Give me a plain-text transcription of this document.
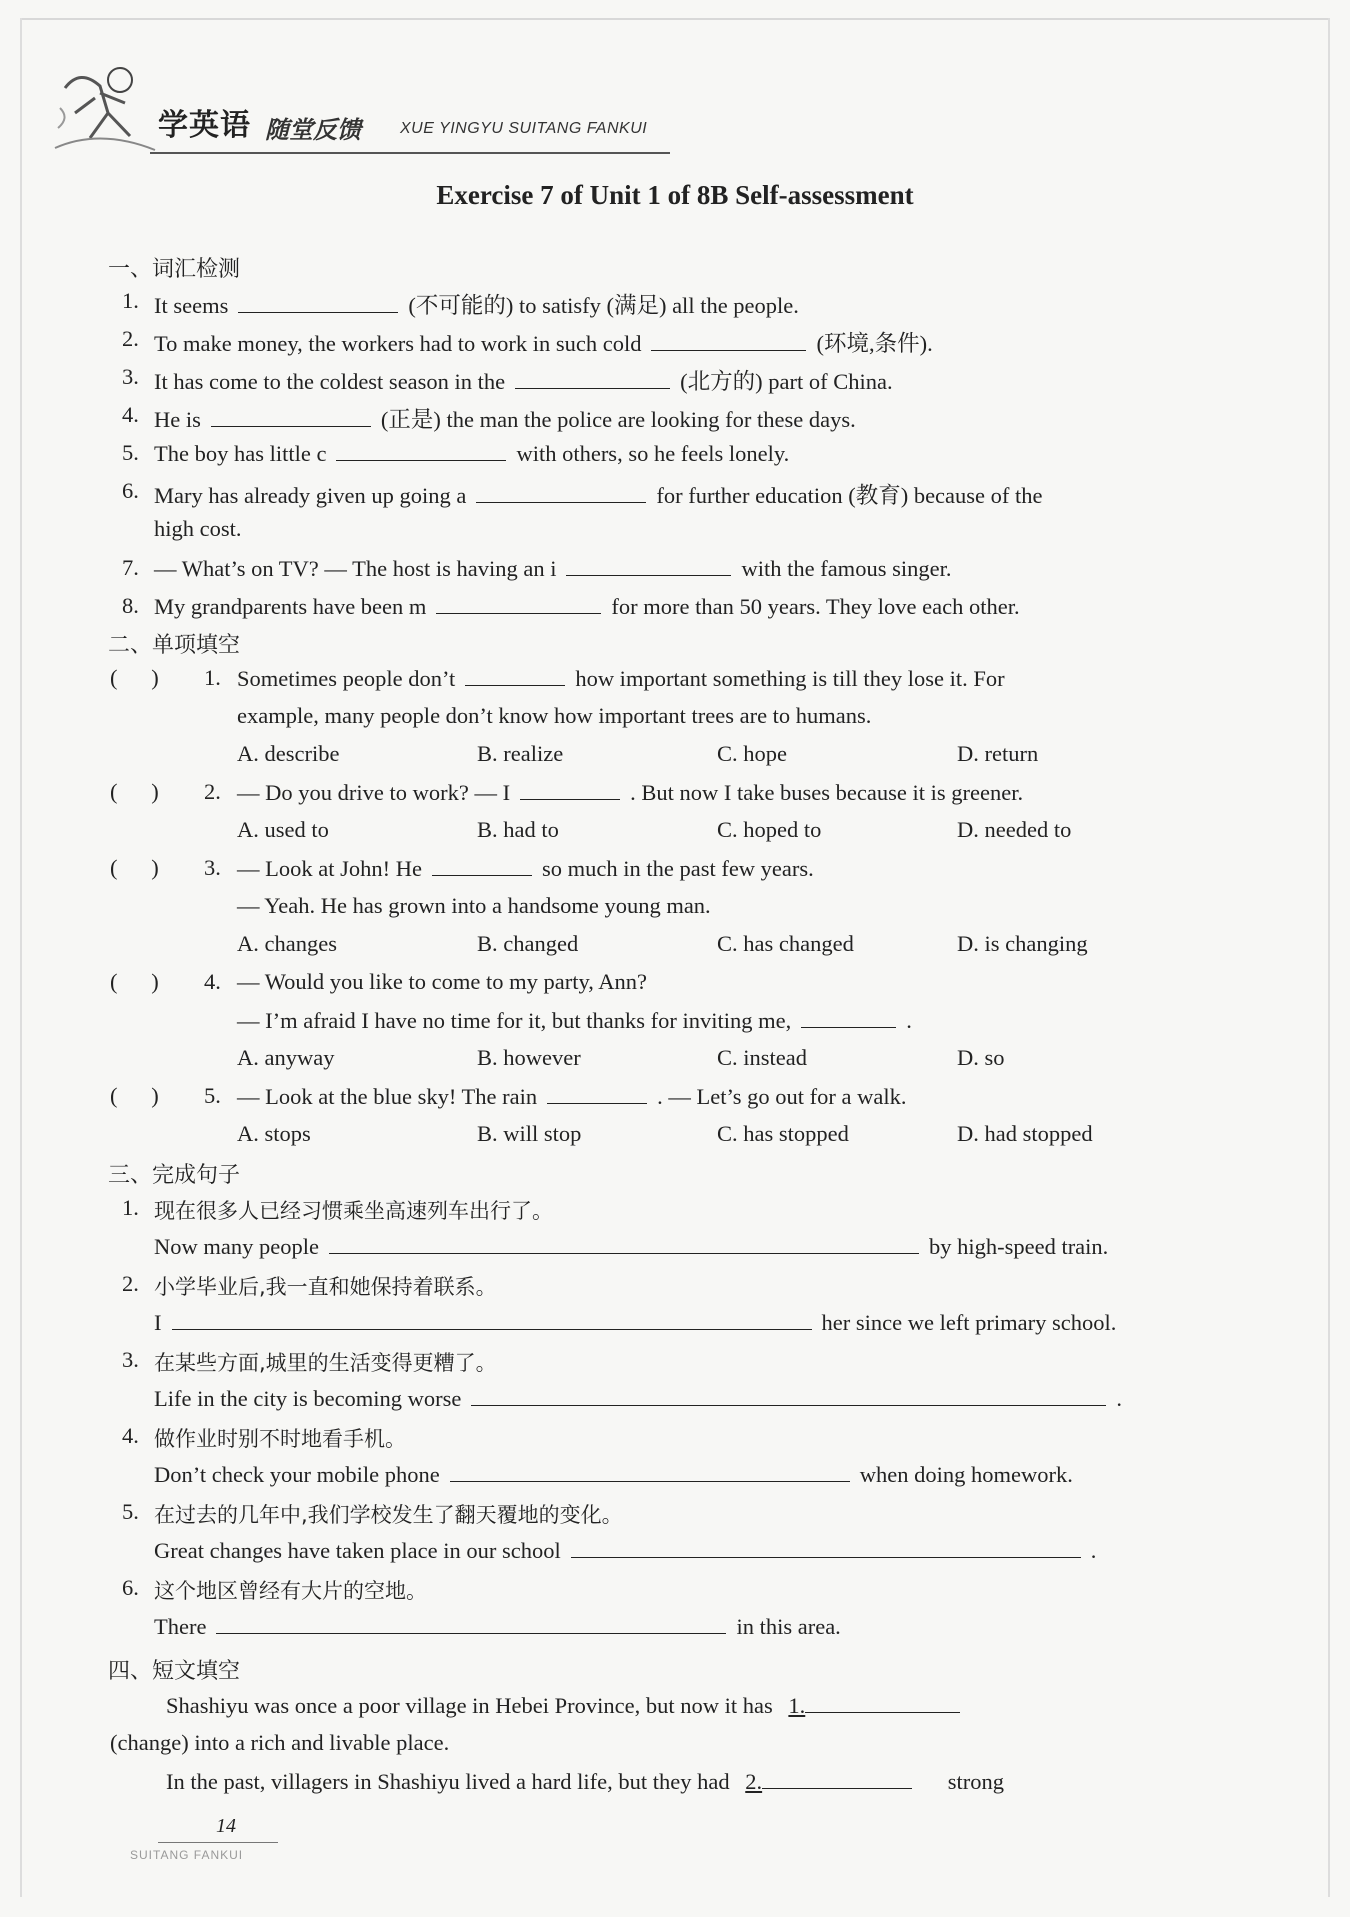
学英语 随堂反馈 XUE YINGYU SUITANG FANKUI
Exercise 7 of Unit 1 of 8B Self-assessment
一、词汇检测
1. It seems	(不可能的) to satisfy (满足) all the people.
2. To make money, the workers had to work in such cold	(环境,条件).
3. It has come to the coldest season in the	(北方的) part of China.
4. He is	(正是) the man the police are looking for these days.
5. The boy has little c	with others, so he feels lonely.
6. Mary has already given up going a	for further education (教育) because of the
high cost.
7. — What’s on TV? — The host is having an i	with the famous singer.
8. My grandparents have been m	for more than 50 years. They love each other.
二、单项填空
(      ) 1. Sometimes people don’t	how important something is till they lose it. For
example, many people don’t know how important trees are to humans.
A. describe	B. realize	C. hope	D. return
(      ) 2. — Do you drive to work? — I	. But now I take buses because it is greener.
A. used to	B. had to	C. hoped to	D. needed to
(      ) 3. — Look at John! He	so much in the past few years.
— Yeah. He has grown into a handsome young man.
A. changes	B. changed	C. has changed	D. is changing
(      ) 4. — Would you like to come to my party, Ann?
— I’m afraid I have no time for it, but thanks for inviting me,	.
A. anyway	B. however	C. instead	D. so
(      ) 5. — Look at the blue sky! The rain	. — Let’s go out for a walk.
A. stops	B. will stop	C. has stopped	D. had stopped
三、完成句子
1. 现在很多人已经习惯乘坐高速列车出行了。
Now many people	by high-speed train.
2. 小学毕业后,我一直和她保持着联系。
I	her since we left primary school.
3. 在某些方面,城里的生活变得更糟了。
Life in the city is becoming worse	.
4. 做作业时别不时地看手机。
Don’t check your mobile phone	when doing homework.
5. 在过去的几年中,我们学校发生了翻天覆地的变化。
Great changes have taken place in our school	.
6. 这个地区曾经有大片的空地。
There	in this area.
四、短文填空
Shashiyu was once a poor village in Hebei Province, but now it has 1.
(change) into a rich and livable place.
In the past, villagers in Shashiyu lived a hard life, but they had 2.	strong
14
SUITANG FANKUI
